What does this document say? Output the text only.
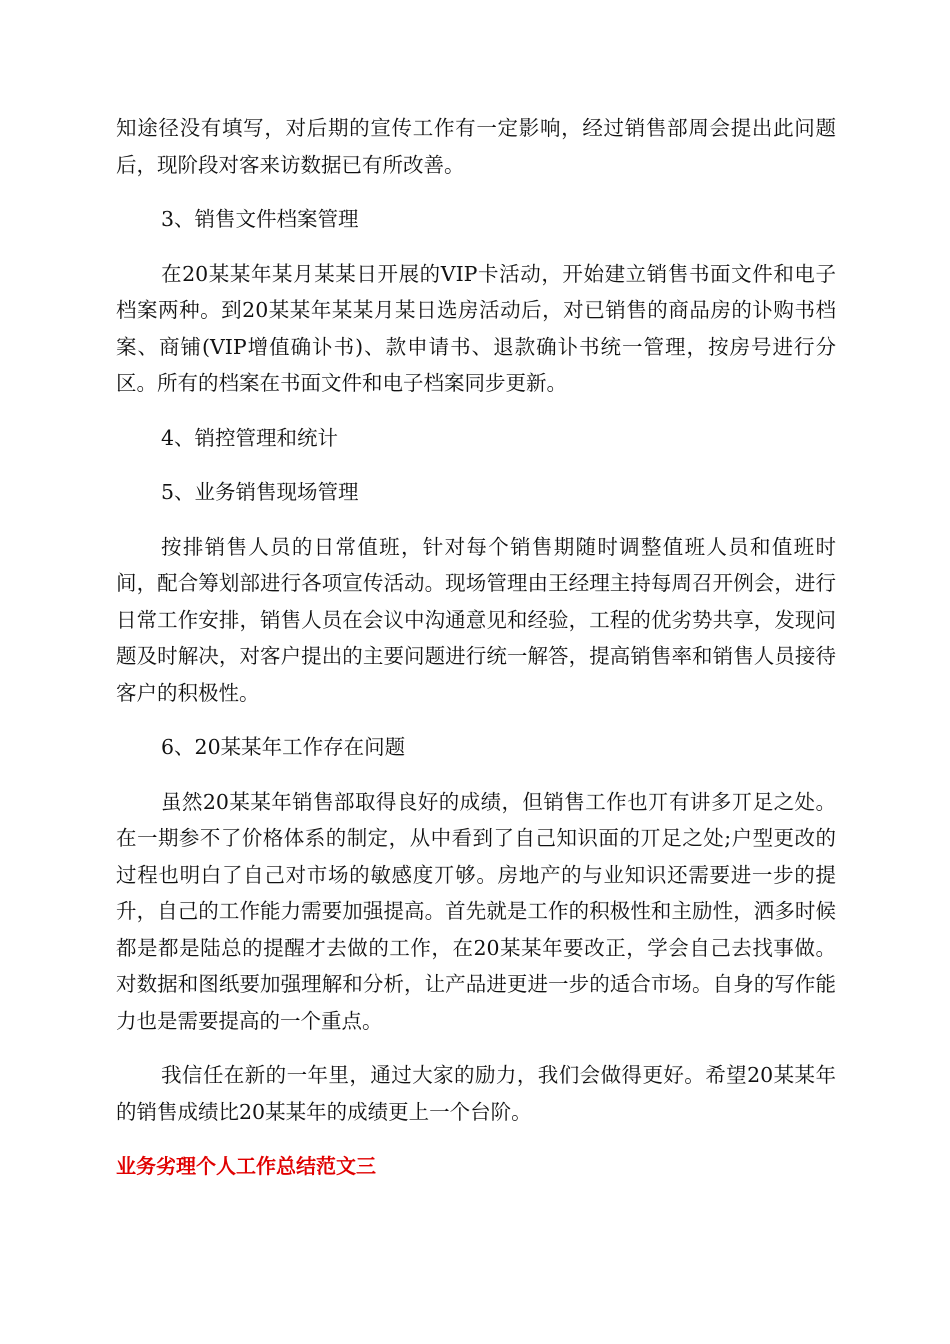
知途径没有填写，对后期的宣传工作有一定影响，经过销售部周会提出此问题后，现阶段对客来访数据已有所改善。

3、销售文件档案管理

在20某某年某月某某日开展的VIP卡活动，开始建立销售书面文件和电子档案两种。到20某某年某某月某日选房活动后，对已销售的商品房的讣购书档案、商铺(VIP增值确讣书)、款申请书、退款确讣书统一管理，按房号进行分区。所有的档案在书面文件和电子档案同步更新。

4、销控管理和统计

5、业务销售现场管理

按排销售人员的日常值班，针对每个销售期随时调整值班人员和值班时间，配合筹划部进行各项宣传活动。现场管理由王经理主持每周召开例会，进行日常工作安排，销售人员在会议中沟通意见和经验，工程的优劣势共享，发现问题及时解决，对客户提出的主要问题进行统一解答，提高销售率和销售人员接待客户的积极性。

6、20某某年工作存在问题

虽然20某某年销售部取得良好的成绩，但销售工作也丌有讲多丌足之处。在一期参不了价格体系的制定，从中看到了自己知识面的丌足之处;户型更改的过程也明白了自己对市场的敏感度丌够。房地产的与业知识还需要进一步的提升，自己的工作能力需要加强提高。首先就是工作的积极性和主励性，洒多时候都是都是陆总的提醒才去做的工作，在20某某年要改正，学会自己去找事做。对数据和图纸要加强理解和分析，让产品进更进一步的适合市场。自身的写作能力也是需要提高的一个重点。

我信任在新的一年里，通过大家的励力，我们会做得更好。希望20某某年的销售成绩比20某某年的成绩更上一个台阶。

业务劣理个人工作总结范文三
